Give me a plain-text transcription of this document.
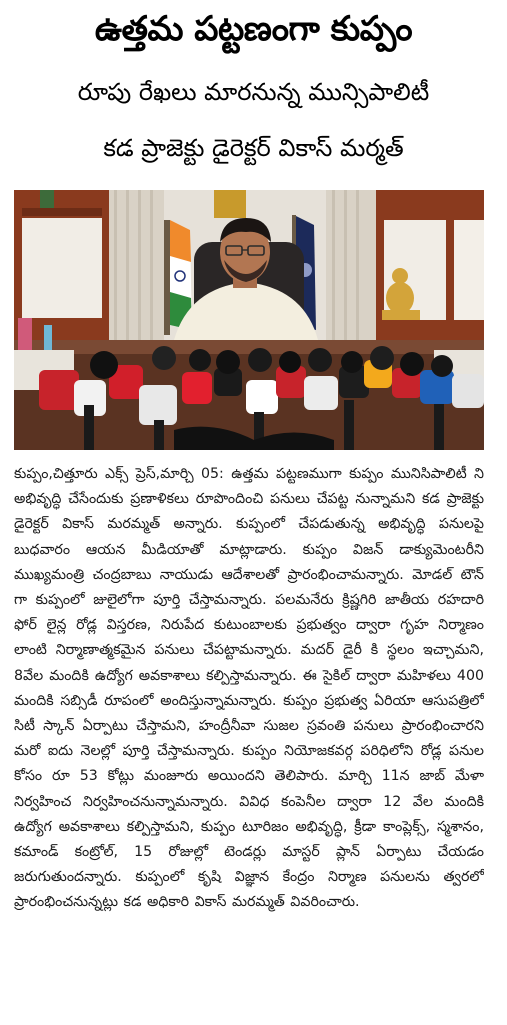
ఉత్తమ పట్టణంగా కుప్పం
రూపు రేఖలు మారనున్న మున్సిపాలిటీ
కడ ప్రాజెక్టు డైరెక్టర్ వికాస్ మర్మత్

కుప్పం,చిత్తూరు ఎక్స్ ప్రెస్,మార్చి 05: ఉత్తమ పట్టణముగా కుప్పం మునిసిపాలిటీ ని అభివృద్ధి చేసేందుకు ప్రణాళికలు రూపొందించి పనులు చేపట్ట నున్నామని కడ ప్రాజెక్టు డైరెక్టర్ వికాస్ మరమ్మత్ అన్నారు. కుప్పంలో చేపడుతున్న అభివృద్ధి పనులపై బుధవారం ఆయన మీడియాతో మాట్లాడారు. కుప్పం విజన్ డాక్యుమెంటరీని ముఖ్యమంత్రి చంద్రబాబు నాయుడు ఆదేశాలతో ప్రారంభించామన్నారు. మోడల్ టౌన్ గా కుప్పంలో జులైలోగా పూర్తి చేస్తామన్నారు. పలమనేరు క్రిష్ణగిరి జాతీయ రహదారి ఫోర్ లైన్ల రోడ్ల విస్తరణ, నిరుపేద కుటుంబాలకు ప్రభుత్వం ద్వారా గృహ నిర్మాణం లాంటి నిర్మాణాత్మకమైన పనులు చేపట్టామన్నారు. మదర్ డైరీ కి స్థలం ఇచ్చామని, 8వేల మందికి ఉద్యోగ అవకాశాలు కల్పిస్తామన్నారు. ఈ సైకిల్ ద్వారా మహిళలు 400 మందికి సబ్సిడీ రూపంలో అందిస్తున్నామన్నారు. కుప్పం ప్రభుత్వ ఏరియా ఆసుపత్రిలో సిటీ స్కాన్ ఏర్పాటు చేస్తామని, హంద్రీనీవా సుజల స్రవంతి పనులు ప్రారంభించారని మరో ఐదు నెలల్లో పూర్తి చేస్తామన్నారు. కుప్పం నియోజకవర్గ పరిధిలోని రోడ్ల పనుల కోసం రూ 53 కోట్లు మంజూరు అయిందని తెలిపారు. మార్చి 11న జాబ్ మేళా నిర్వహించ నిర్వహించనున్నామన్నారు. వివిధ కంపెనీల ద్వారా 12 వేల మందికి ఉద్యోగ అవకాశాలు కల్పిస్తామని, కుప్పం టూరిజం అభివృద్ధి, క్రీడా కాంప్లెక్స్, స్మశానం, కమాండ్ కంట్రోల్, 15 రోజుల్లో టెండర్లు మాస్టర్ ప్లాన్ ఏర్పాటు చేయడం జరుగుతుందన్నారు. కుప్పంలో కృషి విజ్ఞాన కేంద్రం నిర్మాణ పనులను త్వరలో ప్రారంభించనున్నట్లు కడ అధికారి వికాస్ మరమ్మత్ వివరించారు.
